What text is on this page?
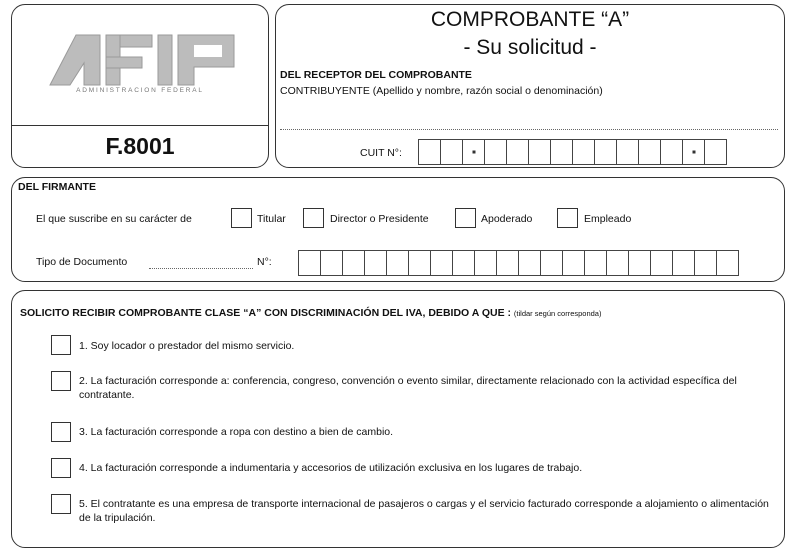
ADMINISTRACION FEDERAL
F.8001
COMPROBANTE “A”
- Su solicitud -
DEL RECEPTOR DEL COMPROBANTE
CONTRIBUYENTE (Apellido y nombre, razón social o denominación)
CUIT N°:
DEL FIRMANTE
El que suscribe en su carácter de	Titular	Director o Presidente	Apoderado	Empleado
Tipo de Documento	N°:
SOLICITO RECIBIR COMPROBANTE CLASE “A” CON DISCRIMINACIÓN DEL IVA, DEBIDO A QUE : (tildar según corresponda)
1. Soy locador o prestador del mismo servicio.
2. La facturación corresponde a: conferencia, congreso, convención o evento similar, directamente relacionado con la actividad específica del contratante.
3. La facturación corresponde a ropa con destino a bien de cambio.
4. La facturación corresponde a indumentaria y accesorios de utilización exclusiva en los lugares de trabajo.
5. El contratante es una empresa de transporte internacional de pasajeros o cargas y el servicio facturado corresponde a alojamiento o alimentación de la tripulación.
